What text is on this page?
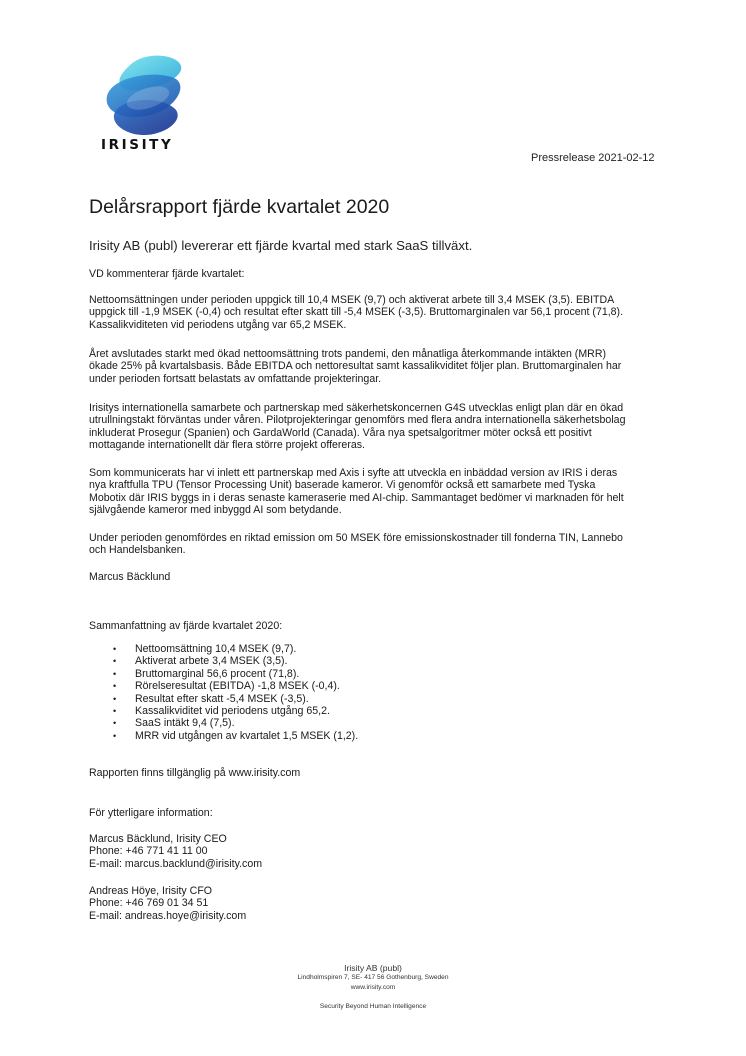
IRISITY
Pressrelease 2021-02-12
Delårsrapport fjärde kvartalet 2020
Irisity AB (publ) levererar ett fjärde kvartal med stark SaaS tillväxt.
VD kommenterar fjärde kvartalet:
Nettoomsättningen under perioden uppgick till 10,4 MSEK (9,7) och aktiverat arbete till 3,4 MSEK (3,5). EBITDA
uppgick till -1,9 MSEK (-0,4) och resultat efter skatt till -5,4 MSEK (-3,5). Bruttomarginalen var 56,1 procent (71,8).
Kassalikviditeten vid periodens utgång var 65,2 MSEK.
Året avslutades starkt med ökad nettoomsättning trots pandemi, den månatliga återkommande intäkten (MRR)
ökade 25% på kvartalsbasis. Både EBITDA och nettoresultat samt kassalikviditet följer plan. Bruttomarginalen har
under perioden fortsatt belastats av omfattande projekteringar.
Irisitys internationella samarbete och partnerskap med säkerhetskoncernen G4S utvecklas enligt plan där en ökad
utrullningstakt förväntas under våren. Pilotprojekteringar genomförs med flera andra internationella säkerhetsbolag
inkluderat Prosegur (Spanien) och GardaWorld (Canada). Våra nya spetsalgoritmer möter också ett positivt
mottagande internationellt där flera större projekt offereras.
Som kommunicerats har vi inlett ett partnerskap med Axis i syfte att utveckla en inbäddad version av IRIS i deras
nya kraftfulla TPU (Tensor Processing Unit) baserade kameror. Vi genomför också ett samarbete med Tyska
Mobotix där IRIS byggs in i deras senaste kameraserie med AI-chip. Sammantaget bedömer vi marknaden för helt
självgående kameror med inbyggd AI som betydande.
Under perioden genomfördes en riktad emission om 50 MSEK före emissionskostnader till fonderna TIN, Lannebo
och Handelsbanken.
Marcus Bäcklund
Sammanfattning av fjärde kvartalet 2020:
• Nettoomsättning 10,4 MSEK (9,7).
• Aktiverat arbete 3,4 MSEK (3,5).
• Bruttomarginal 56,6 procent (71,8).
• Rörelseresultat (EBITDA) -1,8 MSEK (-0,4).
• Resultat efter skatt -5,4 MSEK (-3,5).
• Kassalikviditet vid periodens utgång 65,2.
• SaaS intäkt 9,4 (7,5).
• MRR vid utgången av kvartalet 1,5 MSEK (1,2).
Rapporten finns tillgänglig på www.irisity.com
För ytterligare information:
Marcus Bäcklund, Irisity CEO
Phone: +46 771 41 11 00
E-mail: marcus.backlund@irisity.com
Andreas Höye, Irisity CFO
Phone: +46 769 01 34 51
E-mail: andreas.hoye@irisity.com
Irisity AB (publ)
Lindholmspiren 7, SE- 417 56 Gothenburg, Sweden
www.irisity.com
Security Beyond Human Intelligence
